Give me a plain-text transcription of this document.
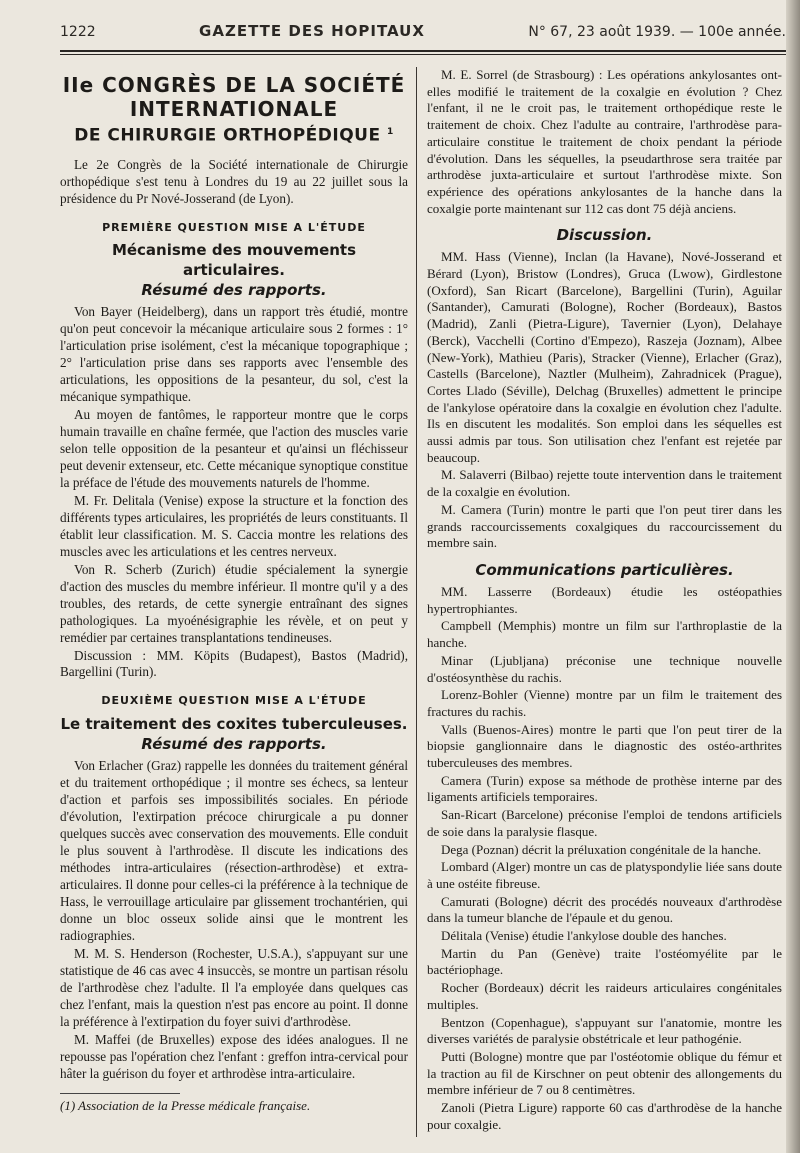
1222	GAZETTE DES HOPITAUX	N° 67, 23 août 1939. — 100e année.
IIe CONGRÈS DE LA SOCIÉTÉ INTERNATIONALE
DE CHIRURGIE ORTHOPÉDIQUE $^1$

Le 2e Congrès de la Société internationale de Chirurgie orthopédique s'est tenu à Londres du 19 au 22 juillet sous la présidence du Pr Nové-Josserand (de Lyon).

PREMIÈRE QUESTION MISE A L'ÉTUDE
Mécanisme des mouvements articulaires.
Résumé des rapports.

Von Bayer (Heidelberg), dans un rapport très étudié, montre qu'on peut concevoir la mécanique articulaire sous 2 formes : 1° l'articulation prise isolément, c'est la mécanique topographique ; 2° l'articulation prise dans ses rapports avec l'ensemble des articulations, les oppositions de la pesanteur, du sol, c'est la mécanique sympathique.

Au moyen de fantômes, le rapporteur montre que le corps humain travaille en chaîne fermée, que l'action des muscles varie selon telle opposition de la pesanteur et qu'ainsi un fléchisseur peut devenir extenseur, etc. Cette mécanique synoptique constitue la préface de l'étude des mouvements naturels de l'homme.

M. Fr. Delitala (Venise) expose la structure et la fonction des différents types articulaires, les propriétés de leurs constituants. Il établit leur classification. M. S. Caccia montre les relations des muscles avec les articulations et les centres nerveux.

Von R. Scherb (Zurich) étudie spécialement la synergie d'action des muscles du membre inférieur. Il montre qu'il y a des troubles, des retards, de cette synergie entraînant des signes pathologiques. La myoénésigraphie les révèle, et on peut y remédier par certaines transplantations tendineuses.

Discussion : MM. Köpits (Budapest), Bastos (Madrid), Bargellini (Turin).

DEUXIÈME QUESTION MISE A L'ÉTUDE
Le traitement des coxites tuberculeuses.
Résumé des rapports.

Von Erlacher (Graz) rappelle les données du traitement général et du traitement orthopédique ; il montre ses échecs, sa lenteur d'action et parfois ses impossibilités sociales. En période d'évolution, l'extirpation précoce chirurgicale a pu donner quelques succès avec conservation des mouvements. Elle conduit le plus souvent à l'arthrodèse. Il discute les indications des méthodes intra-articulaires (résection-arthrodèse) et extra-articulaires. Il donne pour celles-ci la préférence à la technique de Hass, le verrouillage articulaire par glissement trochantérien, qui donne un bloc osseux solide ainsi que le montrent les radiographies.

M. M. S. Henderson (Rochester, U.S.A.), s'appuyant sur une statistique de 46 cas avec 4 insuccès, se montre un partisan résolu de l'arthrodèse chez l'adulte. Il l'a employée dans quelques cas chez l'enfant, mais la question n'est pas encore au point. Il donne la préférence à l'extirpation du foyer suivi d'arthrodèse.

M. Maffei (de Bruxelles) expose des idées analogues. Il ne repousse pas l'opération chez l'enfant : greffon intra-cervical pour hâter la guérison du foyer et arthrodèse intra-articulaire.

(1) Association de la Presse médicale française.

M. E. Sorrel (de Strasbourg) : Les opérations ankylosantes ont-elles modifié le traitement de la coxalgie en évolution ? Chez l'enfant, il ne le croit pas, le traitement orthopédique reste le traitement de choix. Chez l'adulte au contraire, l'arthrodèse para-articulaire constitue le traitement de choix pendant la période d'évolution. Dans les séquelles, la pseudarthrose sera traitée par arthrodèse juxta-articulaire et surtout l'arthrodèse mixte. Son expérience des opérations ankylosantes de la hanche dans la coxalgie porte maintenant sur 112 cas dont 75 déjà anciens.

Discussion.

MM. Hass (Vienne), Inclan (la Havane), Nové-Josserand et Bérard (Lyon), Bristow (Londres), Gruca (Lwow), Girdlestone (Oxford), San Ricart (Barcelone), Bargellini (Turin), Aguilar (Santander), Camurati (Bologne), Rocher (Bordeaux), Bastos (Madrid), Zanli (Pietra-Ligure), Tavernier (Lyon), Delahaye (Berck), Vacchelli (Cortino d'Empezo), Raszeja (Joznam), Albee (New-York), Mathieu (Paris), Stracker (Vienne), Erlacher (Graz), Castells (Barcelone), Naztler (Mulheim), Zahradnicek (Prague), Cortes Llado (Séville), Delchag (Bruxelles) admettent le principe de l'ankylose opératoire dans la coxalgie en évolution chez l'adulte. Ils en discutent les modalités. Son emploi dans les séquelles est aussi admis par tous. Son utilisation chez l'enfant est rejetée par beaucoup.

M. Salaverri (Bilbao) rejette toute intervention dans le traitement de la coxalgie en évolution.

M. Camera (Turin) montre le parti que l'on peut tirer dans les grands raccourcissements coxalgiques du raccourcissement du membre sain.

Communications particulières.

MM. Lasserre (Bordeaux) étudie les ostéopathies hypertrophiantes.

Campbell (Memphis) montre un film sur l'arthroplastie de la hanche.

Minar (Ljubljana) préconise une technique nouvelle d'ostéosynthèse du rachis.

Lorenz-Bohler (Vienne) montre par un film le traitement des fractures du rachis.

Valls (Buenos-Aires) montre le parti que l'on peut tirer de la biopsie ganglionnaire dans le diagnostic des ostéo-arthrites tuberculeuses des membres.

Camera (Turin) expose sa méthode de prothèse interne par des ligaments artificiels temporaires.

San-Ricart (Barcelone) préconise l'emploi de tendons artificiels de soie dans la paralysie flasque.

Dega (Poznan) décrit la préluxation congénitale de la hanche.

Lombard (Alger) montre un cas de platyspondylie liée sans doute à une ostéite fibreuse.

Camurati (Bologne) décrit des procédés nouveaux d'arthrodèse dans la tumeur blanche de l'épaule et du genou.

Délitala (Venise) étudie l'ankylose double des hanches.

Martin du Pan (Genève) traite l'ostéomyélite par le bactériophage.

Rocher (Bordeaux) décrit les raideurs articulaires congénitales multiples.

Bentzon (Copenhague), s'appuyant sur l'anatomie, montre les diverses variétés de paralysie obstétricale et leur pathogénie.

Putti (Bologne) montre que par l'ostéotomie oblique du fémur et la traction au fil de Kirschner on peut obtenir des allongements du membre inférieur de 7 ou 8 centimètres.

Zanoli (Pietra Ligure) rapporte 60 cas d'arthrodèse de la hanche pour coxalgie.
